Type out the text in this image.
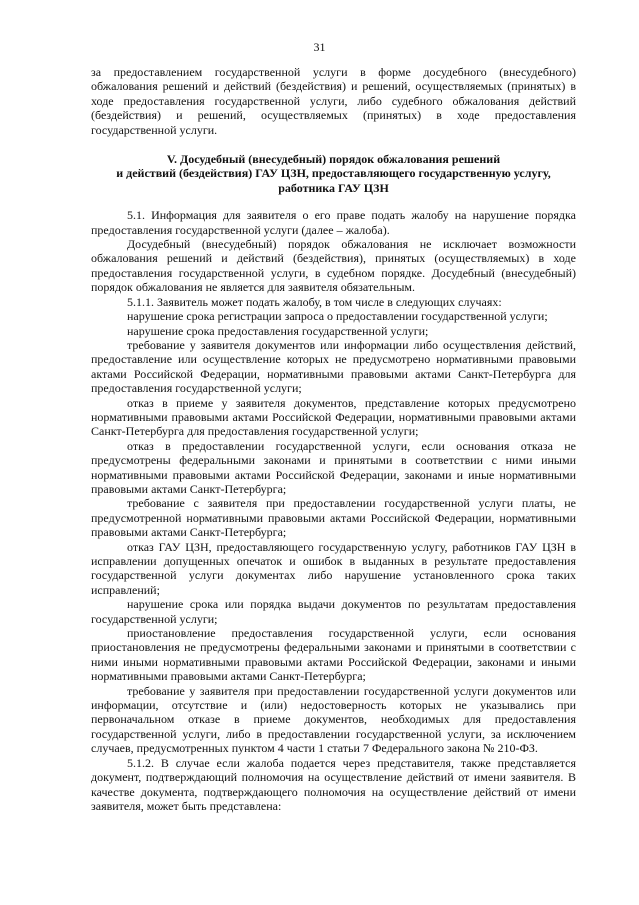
31

за предоставлением государственной услуги в форме досудебного (внесудебного) обжалования решений и действий (бездействия) и решений, осуществляемых (принятых) в ходе предоставления государственной услуги, либо судебного обжалования действий (бездействия) и решений, осуществляемых (принятых) в ходе предоставления государственной услуги.

V. Досудебный (внесудебный) порядок обжалования решений
и действий (бездействия) ГАУ ЦЗН, предоставляющего государственную услугу,
работника ГАУ ЦЗН

5.1. Информация для заявителя о его праве подать жалобу на нарушение порядка предоставления государственной услуги (далее – жалоба).

Досудебный (внесудебный) порядок обжалования не исключает возможности обжалования решений и действий (бездействия), принятых (осуществляемых) в ходе предоставления государственной услуги, в судебном порядке. Досудебный (внесудебный) порядок обжалования не является для заявителя обязательным.

5.1.1. Заявитель может подать жалобу, в том числе в следующих случаях:

нарушение срока регистрации запроса о предоставлении государственной услуги;

нарушение срока предоставления государственной услуги;

требование у заявителя документов или информации либо осуществления действий, предоставление или осуществление которых не предусмотрено нормативными правовыми актами Российской Федерации, нормативными правовыми актами Санкт-Петербурга для предоставления государственной услуги;

отказ в приеме у заявителя документов, представление которых предусмотрено нормативными правовыми актами Российской Федерации, нормативными правовыми актами Санкт-Петербурга для предоставления государственной услуги;

отказ в предоставлении государственной услуги, если основания отказа не предусмотрены федеральными законами и принятыми в соответствии с ними иными нормативными правовыми актами Российской Федерации, законами и иные нормативными правовыми актами Санкт-Петербурга;

требование с заявителя при предоставлении государственной услуги платы, не предусмотренной нормативными правовыми актами Российской Федерации, нормативными правовыми актами Санкт-Петербурга;

отказ ГАУ ЦЗН, предоставляющего государственную услугу, работников ГАУ ЦЗН в исправлении допущенных опечаток и ошибок в выданных в результате предоставления государственной услуги документах либо нарушение установленного срока таких исправлений;

нарушение срока или порядка выдачи документов по результатам предоставления государственной услуги;

приостановление предоставления государственной услуги, если основания приостановления не предусмотрены федеральными законами и принятыми в соответствии с ними иными нормативными правовыми актами Российской Федерации, законами и иными нормативными правовыми актами Санкт-Петербурга;

требование у заявителя при предоставлении государственной услуги документов или информации, отсутствие и (или) недостоверность которых не указывались при первоначальном отказе в приеме документов, необходимых для предоставления государственной услуги, либо в предоставлении государственной услуги, за исключением случаев, предусмотренных пунктом 4 части 1 статьи 7 Федерального закона № 210-ФЗ.

5.1.2. В случае если жалоба подается через представителя, также представляется документ, подтверждающий полномочия на осуществление действий от имени заявителя. В качестве документа, подтверждающего полномочия на осуществление действий от имени заявителя, может быть представлена:
